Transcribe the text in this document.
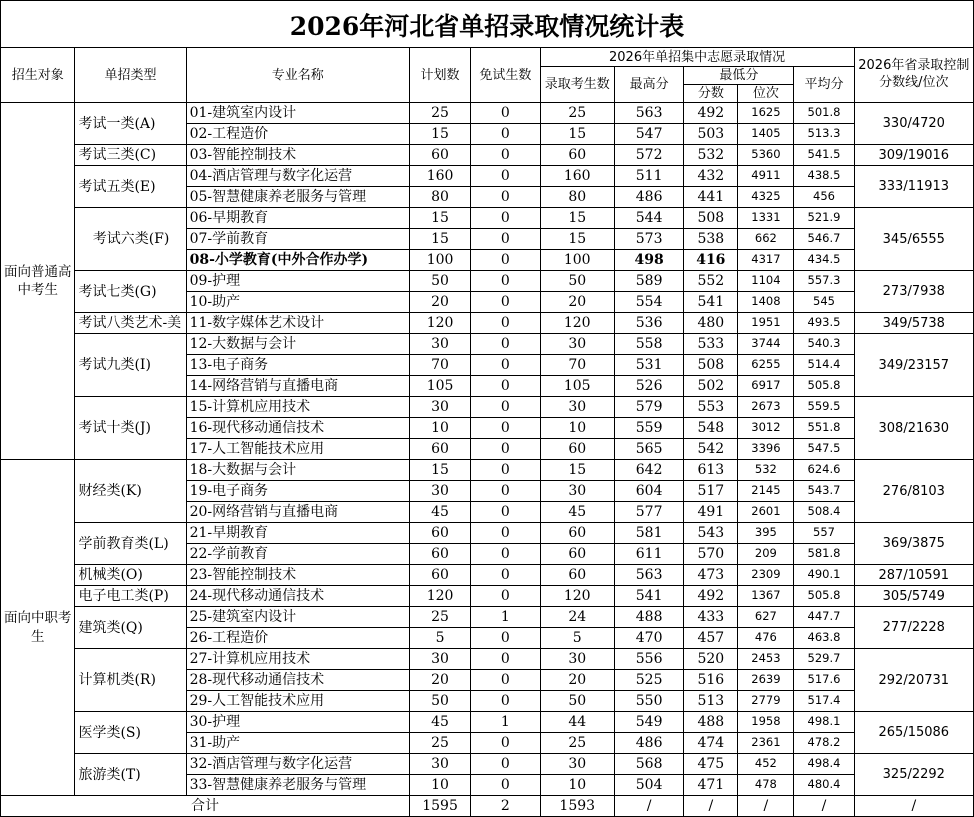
2026年河北省单招录取情况统计表
招生对象	单招类型	专业名称	计划数	免试生数	2026年单招集中志愿录取情况					2026年省录取控制分数线/位次
					录取考生数	最高分	最低分		平均分	
							分数	位次		
面向普通高中考生	考试一类(A)	01-建筑室内设计	25	0	25	563	492	1625	501.8	330/4720
		02-工程造价	15	0	15	547	503	1405	513.3	
	考试三类(C)	03-智能控制技术	60	0	60	572	532	5360	541.5	309/19016
	考试五类(E)	04-酒店管理与数字化运营	160	0	160	511	432	4911	438.5	333/11913
		05-智慧健康养老服务与管理	80	0	80	486	441	4325	456	
	考试六类(F)	06-早期教育	15	0	15	544	508	1331	521.9	345/6555
		07-学前教育	15	0	15	573	538	662	546.7	
		08-小学教育(中外合作办学)	100	0	100	498	416	4317	434.5	
	考试七类(G)	09-护理	50	0	50	589	552	1104	557.3	273/7938
		10-助产	20	0	20	554	541	1408	545	
	考试八类艺术-美	11-数字媒体艺术设计	120	0	120	536	480	1951	493.5	349/5738
	考试九类(I)	12-大数据与会计	30	0	30	558	533	3744	540.3	349/23157
		13-电子商务	70	0	70	531	508	6255	514.4	
		14-网络营销与直播电商	105	0	105	526	502	6917	505.8	
	考试十类(J)	15-计算机应用技术	30	0	30	579	553	2673	559.5	308/21630
		16-现代移动通信技术	10	0	10	559	548	3012	551.8	
		17-人工智能技术应用	60	0	60	565	542	3396	547.5	
面向中职考生	财经类(K)	18-大数据与会计	15	0	15	642	613	532	624.6	276/8103
		19-电子商务	30	0	30	604	517	2145	543.7	
		20-网络营销与直播电商	45	0	45	577	491	2601	508.4	
	学前教育类(L)	21-早期教育	60	0	60	581	543	395	557	369/3875
		22-学前教育	60	0	60	611	570	209	581.8	
	机械类(O)	23-智能控制技术	60	0	60	563	473	2309	490.1	287/10591
	电子电工类(P)	24-现代移动通信技术	120	0	120	541	492	1367	505.8	305/5749
	建筑类(Q)	25-建筑室内设计	25	1	24	488	433	627	447.7	277/2228
		26-工程造价	5	0	5	470	457	476	463.8	
	计算机类(R)	27-计算机应用技术	30	0	30	556	520	2453	529.7	292/20731
		28-现代移动通信技术	20	0	20	525	516	2639	517.6	
		29-人工智能技术应用	50	0	50	550	513	2779	517.4	
	医学类(S)	30-护理	45	1	44	549	488	1958	498.1	265/15086
		31-助产	25	0	25	486	474	2361	478.2	
	旅游类(T)	32-酒店管理与数字化运营	30	0	30	568	475	452	498.4	325/2292
		33-智慧健康养老服务与管理	10	0	10	504	471	478	480.4	
合计			1595	2	1593	/	/	/	/	/
